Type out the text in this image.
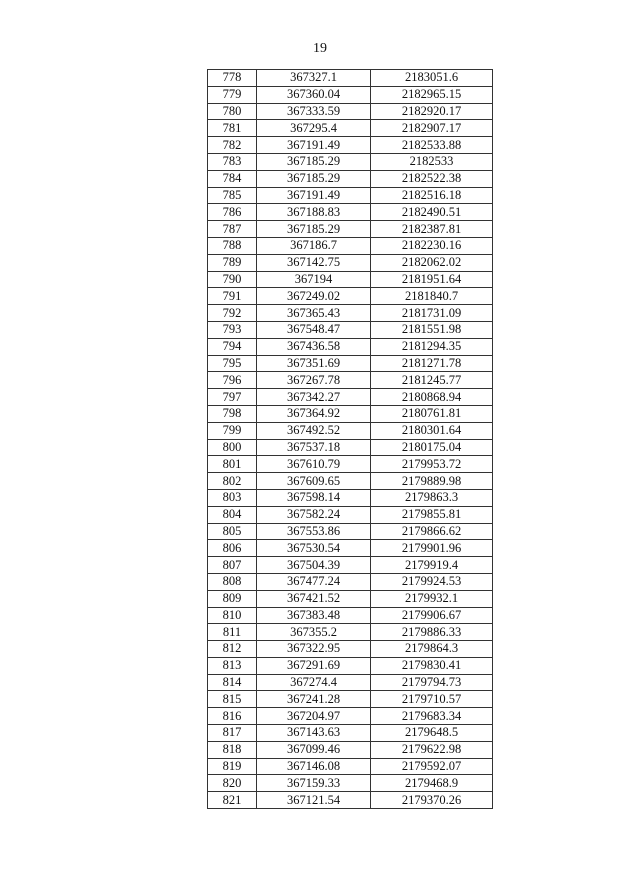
19
778	367327.1	2183051.6
779	367360.04	2182965.15
780	367333.59	2182920.17
781	367295.4	2182907.17
782	367191.49	2182533.88
783	367185.29	2182533
784	367185.29	2182522.38
785	367191.49	2182516.18
786	367188.83	2182490.51
787	367185.29	2182387.81
788	367186.7	2182230.16
789	367142.75	2182062.02
790	367194	2181951.64
791	367249.02	2181840.7
792	367365.43	2181731.09
793	367548.47	2181551.98
794	367436.58	2181294.35
795	367351.69	2181271.78
796	367267.78	2181245.77
797	367342.27	2180868.94
798	367364.92	2180761.81
799	367492.52	2180301.64
800	367537.18	2180175.04
801	367610.79	2179953.72
802	367609.65	2179889.98
803	367598.14	2179863.3
804	367582.24	2179855.81
805	367553.86	2179866.62
806	367530.54	2179901.96
807	367504.39	2179919.4
808	367477.24	2179924.53
809	367421.52	2179932.1
810	367383.48	2179906.67
811	367355.2	2179886.33
812	367322.95	2179864.3
813	367291.69	2179830.41
814	367274.4	2179794.73
815	367241.28	2179710.57
816	367204.97	2179683.34
817	367143.63	2179648.5
818	367099.46	2179622.98
819	367146.08	2179592.07
820	367159.33	2179468.9
821	367121.54	2179370.26
